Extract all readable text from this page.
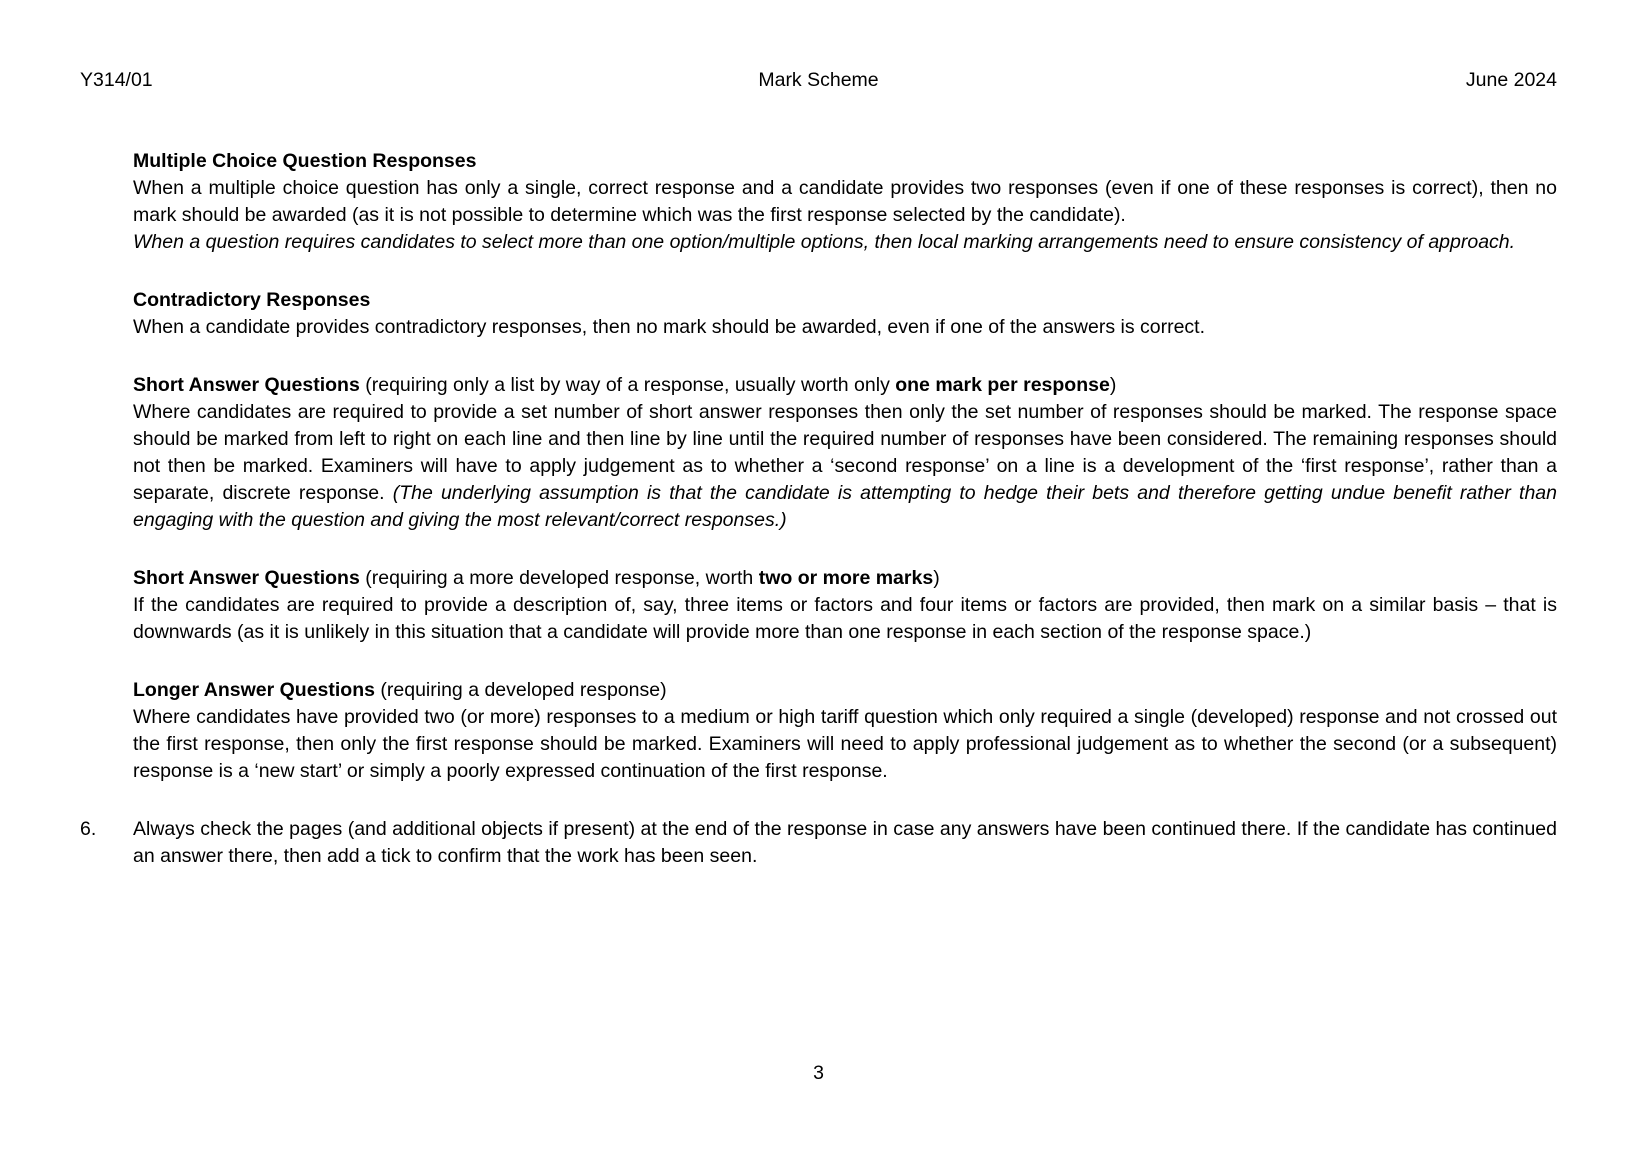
Y314/01	Mark Scheme	June 2024

Multiple Choice Question Responses

When a multiple choice question has only a single, correct response and a candidate provides two responses (even if one of these responses is correct), then no mark should be awarded (as it is not possible to determine which was the first response selected by the candidate).

When a question requires candidates to select more than one option/multiple options, then local marking arrangements need to ensure consistency of approach.

Contradictory Responses

When a candidate provides contradictory responses, then no mark should be awarded, even if one of the answers is correct.

Short Answer Questions (requiring only a list by way of a response, usually worth only one mark per response)

Where candidates are required to provide a set number of short answer responses then only the set number of responses should be marked. The response space should be marked from left to right on each line and then line by line until the required number of responses have been considered. The remaining responses should not then be marked. Examiners will have to apply judgement as to whether a ‘second response’ on a line is a development of the ‘first response’, rather than a separate, discrete response. (The underlying assumption is that the candidate is attempting to hedge their bets and therefore getting undue benefit rather than engaging with the question and giving the most relevant/correct responses.)

Short Answer Questions (requiring a more developed response, worth two or more marks)

If the candidates are required to provide a description of, say, three items or factors and four items or factors are provided, then mark on a similar basis – that is downwards (as it is unlikely in this situation that a candidate will provide more than one response in each section of the response space.)

Longer Answer Questions (requiring a developed response)

Where candidates have provided two (or more) responses to a medium or high tariff question which only required a single (developed) response and not crossed out the first response, then only the first response should be marked. Examiners will need to apply professional judgement as to whether the second (or a subsequent) response is a ‘new start’ or simply a poorly expressed continuation of the first response.

6. Always check the pages (and additional objects if present) at the end of the response in case any answers have been continued there. If the candidate has continued an answer there, then add a tick to confirm that the work has been seen.

3
